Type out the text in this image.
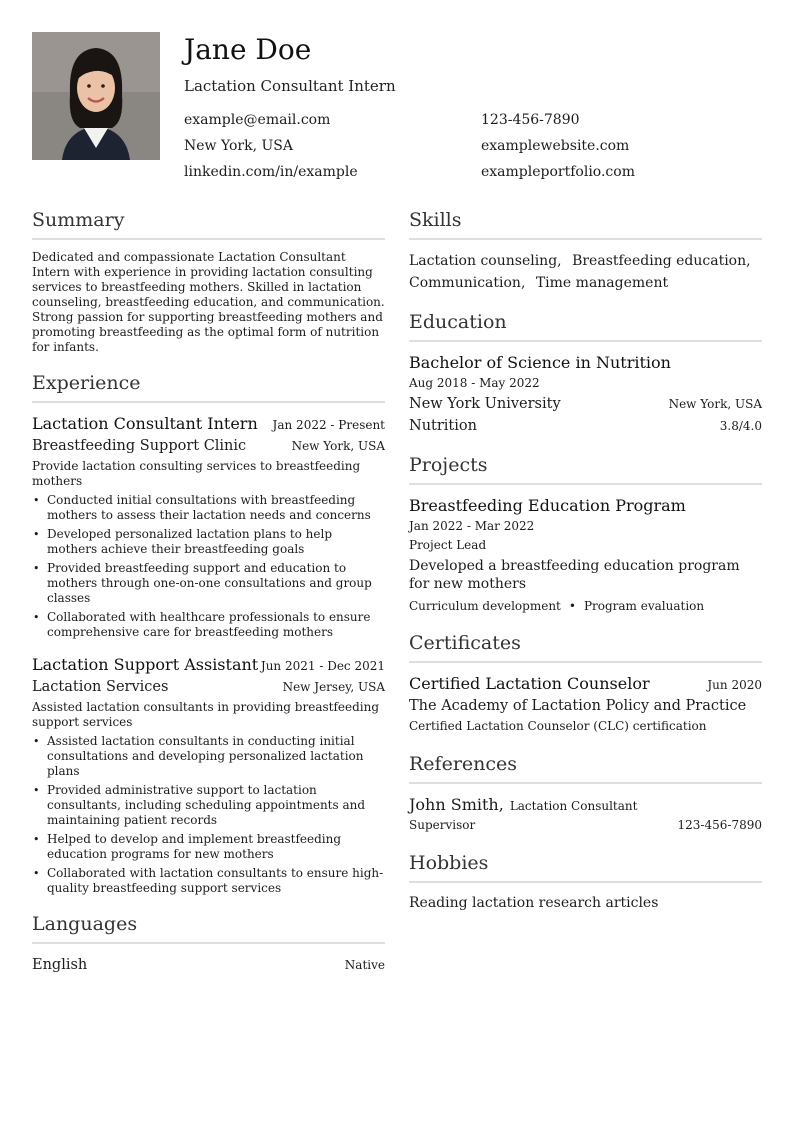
Jane Doe
Lactation Consultant Intern
example@email.com	123-456-7890
New York, USA	examplewebsite.com
linkedin.com/in/example	exampleportfolio.com
Summary
Dedicated and compassionate Lactation Consultant Intern with experience in providing lactation consulting services to breastfeeding mothers. Skilled in lactation counseling, breastfeeding education, and communication. Strong passion for supporting breastfeeding mothers and promoting breastfeeding as the optimal form of nutrition for infants.
Experience
Lactation Consultant Intern Jan 2022 - Present
Breastfeeding Support Clinic	New York, USA
Provide lactation consulting services to breastfeeding mothers
• Conducted initial consultations with breastfeeding mothers to assess their lactation needs and concerns
• Developed personalized lactation plans to help mothers achieve their breastfeeding goals
• Provided breastfeeding support and education to mothers through one-on-one consultations and group classes
• Collaborated with healthcare professionals to ensure comprehensive care for breastfeeding mothers
Lactation Support Assistant Jun 2021 - Dec 2021
Lactation Services	New Jersey, USA
Assisted lactation consultants in providing breastfeeding support services
• Assisted lactation consultants in conducting initial consultations and developing personalized lactation plans
• Provided administrative support to lactation consultants, including scheduling appointments and maintaining patient records
• Helped to develop and implement breastfeeding education programs for new mothers
• Collaborated with lactation consultants to ensure high-quality breastfeeding support services
Languages
English	Native
Skills
Lactation counseling, Breastfeeding education, Communication, Time management
Education
Bachelor of Science in Nutrition
Aug 2018 - May 2022
New York University	New York, USA
Nutrition	3.8/4.0
Projects
Breastfeeding Education Program
Jan 2022 - Mar 2022
Project Lead
Developed a breastfeeding education program for new mothers
Curriculum development • Program evaluation
Certificates
Certified Lactation Counselor	Jun 2020
The Academy of Lactation Policy and Practice
Certified Lactation Counselor (CLC) certification
References
John Smith, Lactation Consultant
Supervisor	123-456-7890
Hobbies
Reading lactation research articles
